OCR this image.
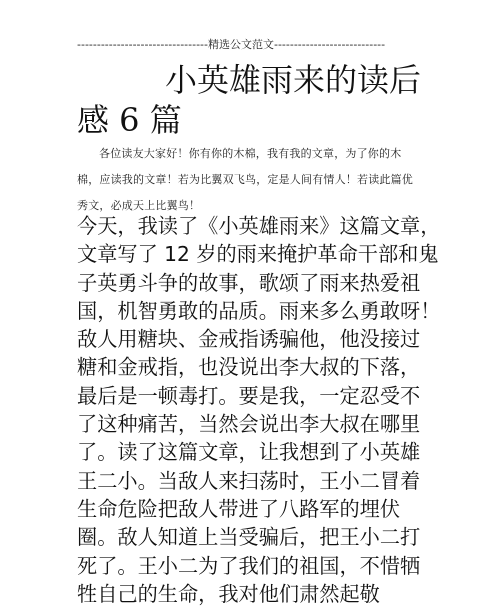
---------------------------------精选公文范文----------------------------
小英雄雨来的读后
感 6 篇
各位读友大家好！你有你的木棉，我有我的文章，为了你的木棉，应读我的文章！若为比翼双飞鸟，定是人间有情人！若读此篇优秀文，必成天上比翼鸟！
今天，我读了《小英雄雨来》这篇文章，
文章写了 12 岁的雨来掩护革命干部和鬼
子英勇斗争的故事，歌颂了雨来热爱祖
国，机智勇敢的品质。雨来多么勇敢呀！
敌人用糖块、金戒指诱骗他，他没接过
糖和金戒指，也没说出李大叔的下落，
最后是一顿毒打。要是我，一定忍受不
了这种痛苦，当然会说出李大叔在哪里
了。读了这篇文章，让我想到了小英雄
王二小。当敌人来扫荡时，王小二冒着
生命危险把敌人带进了八路军的埋伏
圈。敌人知道上当受骗后，把王小二打
死了。王小二为了我们的祖国，不惜牺
牲自己的生命，我对他们肃然起敬
